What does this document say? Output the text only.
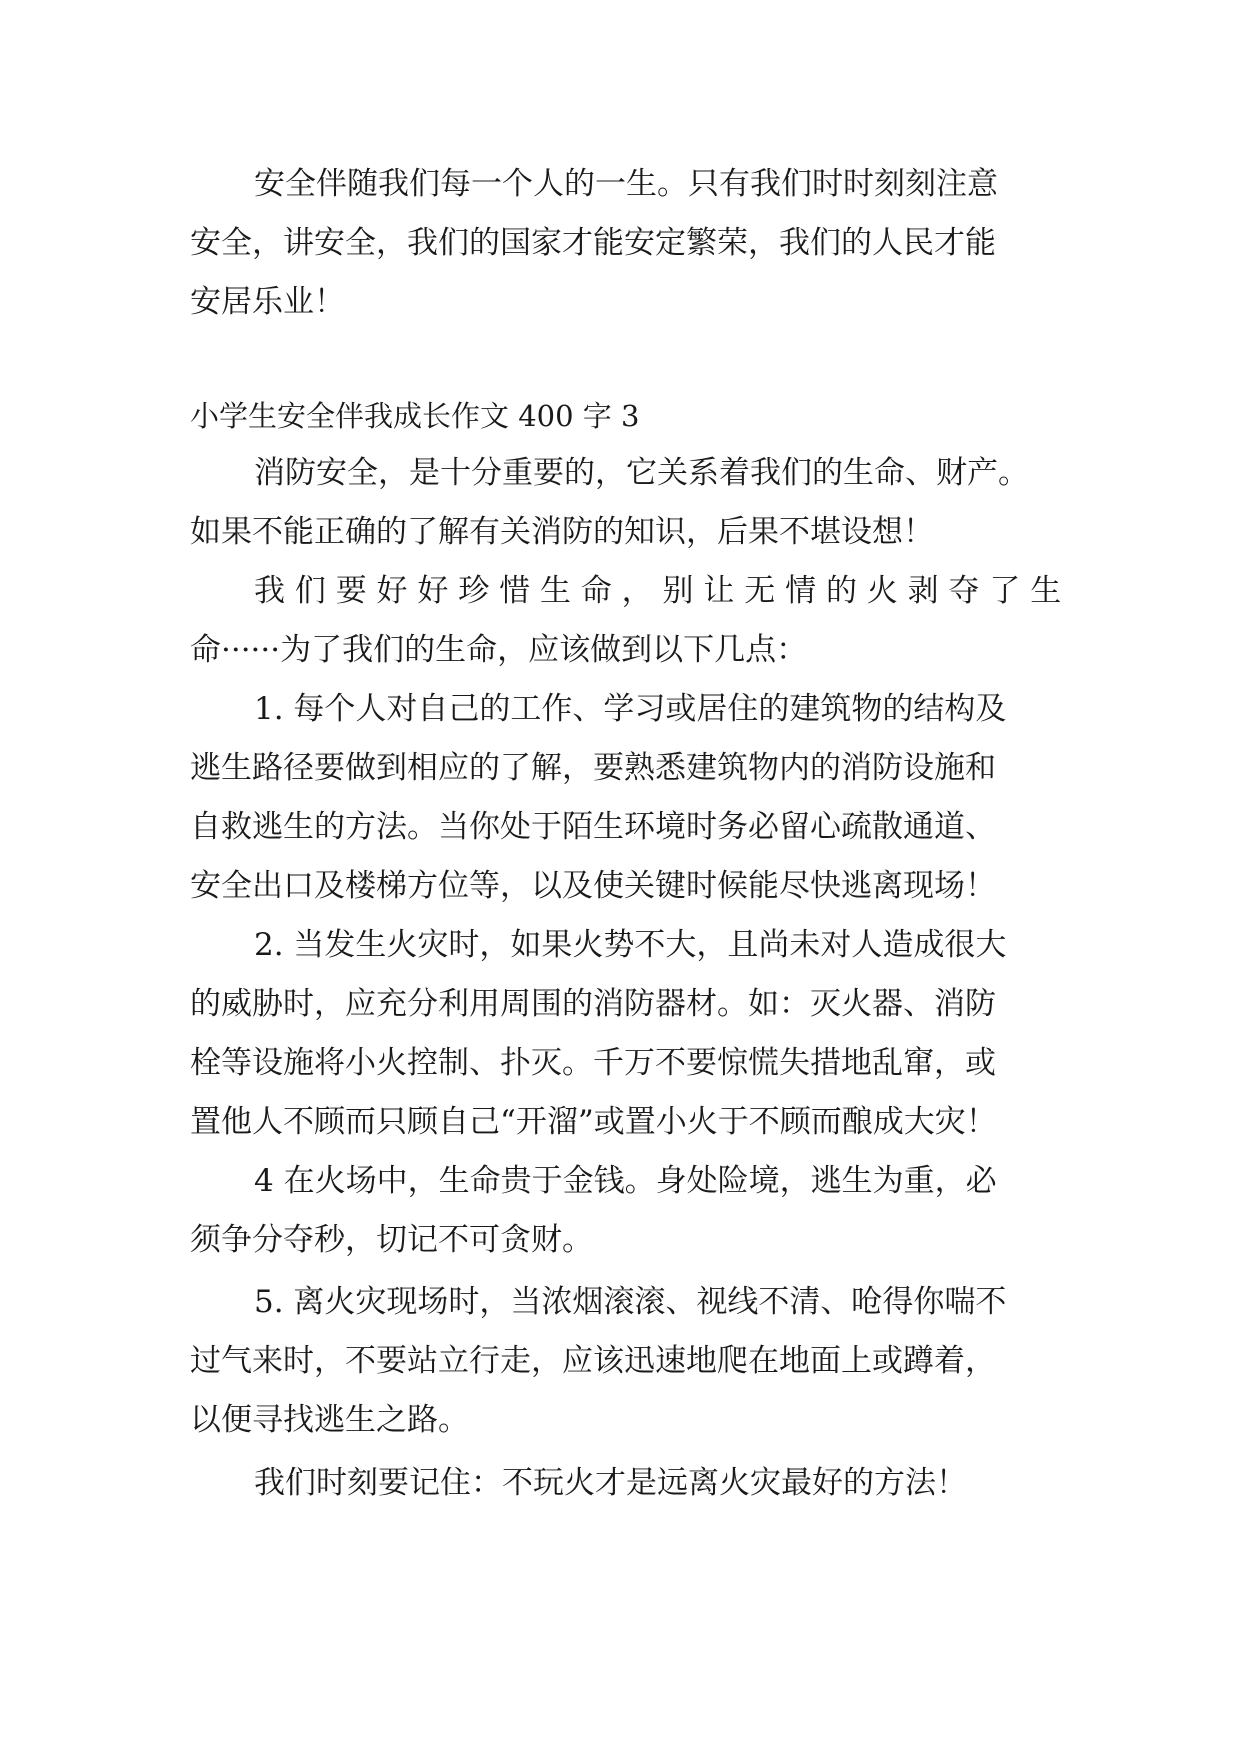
安全伴随我们每一个人的一生。只有我们时时刻刻注意
安全，讲安全，我们的国家才能安定繁荣，我们的人民才能
安居乐业！
小学生安全伴我成长作文 400 字 3
消防安全，是十分重要的，它关系着我们的生命、财产。
如果不能正确的了解有关消防的知识，后果不堪设想！
我 们 要 好 好 珍 惜 生 命 ， 别 让 无 情 的 火 剥 夺 了 生
命······为了我们的生命，应该做到以下几点：
1. 每个人对自己的工作、学习或居住的建筑物的结构及
逃生路径要做到相应的了解，要熟悉建筑物内的消防设施和
自救逃生的方法。当你处于陌生环境时务必留心疏散通道、
安全出口及楼梯方位等，以及使关键时候能尽快逃离现场！
2. 当发生火灾时，如果火势不大，且尚未对人造成很大
的威胁时，应充分利用周围的消防器材。如：灭火器、消防
栓等设施将小火控制、扑灭。千万不要惊慌失措地乱窜，或
置他人不顾而只顾自己“开溜”或置小火于不顾而酿成大灾！
4 在火场中，生命贵于金钱。身处险境，逃生为重，必
须争分夺秒，切记不可贪财。
5. 离火灾现场时，当浓烟滚滚、视线不清、呛得你喘不
过气来时，不要站立行走，应该迅速地爬在地面上或蹲着，
以便寻找逃生之路。
我们时刻要记住：不玩火才是远离火灾最好的方法！
